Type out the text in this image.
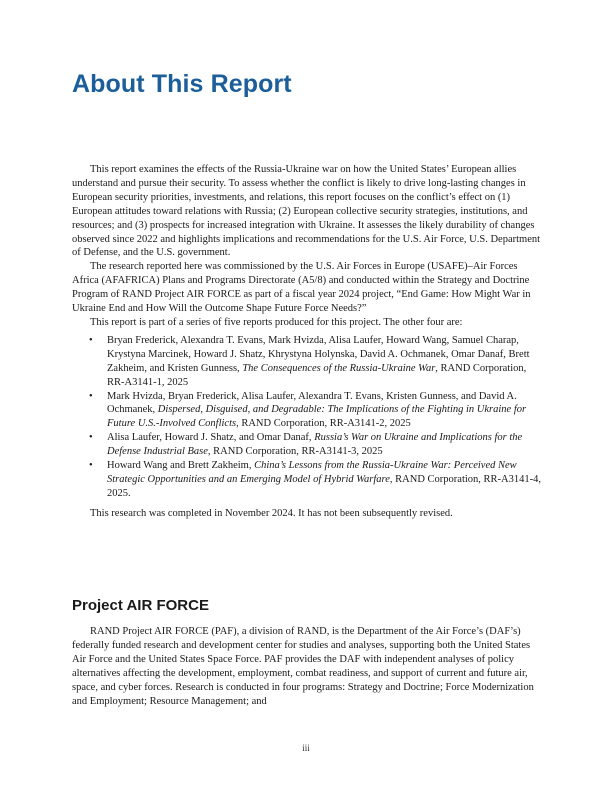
About This Report

This report examines the effects of the Russia-Ukraine war on how the United States’ European allies understand and pursue their security. To assess whether the conflict is likely to drive long-lasting changes in European security priorities, investments, and relations, this report focuses on the conflict’s effect on (1) European attitudes toward relations with Russia; (2) European collective security strategies, institutions, and resources; and (3) prospects for increased integration with Ukraine. It assesses the likely durability of changes observed since 2022 and highlights implications and recommendations for the U.S. Air Force, U.S. Department of Defense, and the U.S. government.

The research reported here was commissioned by the U.S. Air Forces in Europe (USAFE)–Air Forces Africa (AFAFRICA) Plans and Programs Directorate (A5/8) and conducted within the Strategy and Doctrine Program of RAND Project AIR FORCE as part of a fiscal year 2024 project, “End Game: How Might War in Ukraine End and How Will the Outcome Shape Future Force Needs?”

This report is part of a series of five reports produced for this project. The other four are:

• Bryan Frederick, Alexandra T. Evans, Mark Hvizda, Alisa Laufer, Howard Wang, Samuel Charap, Krystyna Marcinek, Howard J. Shatz, Khrystyna Holynska, David A. Ochmanek, Omar Danaf, Brett Zakheim, and Kristen Gunness, The Consequences of the Russia-Ukraine War, RAND Corporation, RR-A3141-1, 2025
• Mark Hvizda, Bryan Frederick, Alisa Laufer, Alexandra T. Evans, Kristen Gunness, and David A. Ochmanek, Dispersed, Disguised, and Degradable: The Implications of the Fighting in Ukraine for Future U.S.-Involved Conflicts, RAND Corporation, RR-A3141-2, 2025
• Alisa Laufer, Howard J. Shatz, and Omar Danaf, Russia’s War on Ukraine and Implications for the Defense Industrial Base, RAND Corporation, RR-A3141-3, 2025
• Howard Wang and Brett Zakheim, China’s Lessons from the Russia-Ukraine War: Perceived New Strategic Opportunities and an Emerging Model of Hybrid Warfare, RAND Corporation, RR-A3141-4, 2025.

This research was completed in November 2024. It has not been subsequently revised.

Project AIR FORCE

RAND Project AIR FORCE (PAF), a division of RAND, is the Department of the Air Force’s (DAF’s) federally funded research and development center for studies and analyses, supporting both the United States Air Force and the United States Space Force. PAF provides the DAF with independent analyses of policy alternatives affecting the development, employment, combat readiness, and support of current and future air, space, and cyber forces. Research is conducted in four programs: Strategy and Doctrine; Force Modernization and Employment; Resource Management; and

iii
